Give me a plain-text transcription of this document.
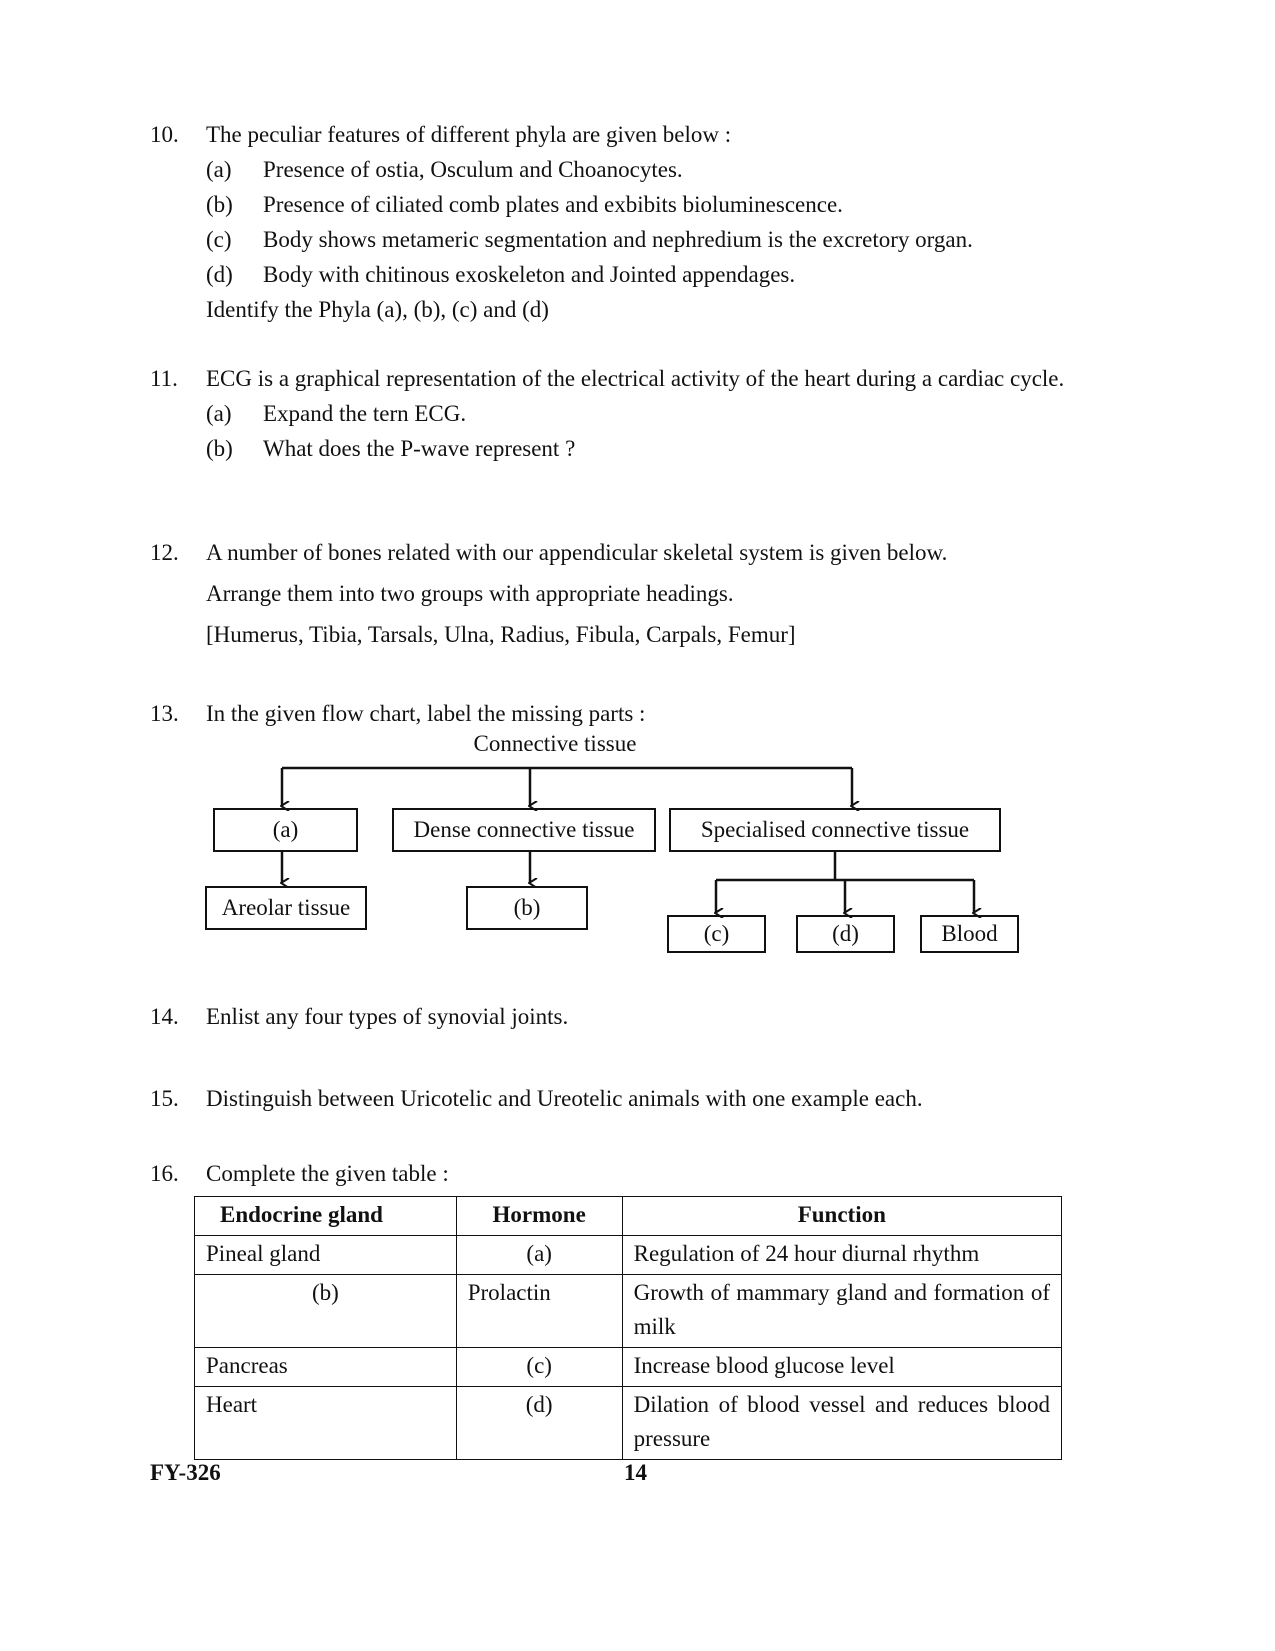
10. The peculiar features of different phyla are given below :
(a) Presence of ostia, Osculum and Choanocytes.
(b) Presence of ciliated comb plates and exbibits bioluminescence.
(c) Body shows metameric segmentation and nephredium is the excretory organ.
(d) Body with chitinous exoskeleton and Jointed appendages.
Identify the Phyla (a), (b), (c) and (d)
11. ECG is a graphical representation of the electrical activity of the heart during a cardiac cycle.
(a) Expand the tern ECG.
(b) What does the P-wave represent ?
12. A number of bones related with our appendicular skeletal system is given below.
Arrange them into two groups with appropriate headings.
[Humerus, Tibia, Tarsals, Ulna, Radius, Fibula, Carpals, Femur]
13. In the given flow chart, label the missing parts :
Connective tissue
(a)	Dense connective tissue	Specialised connective tissue
Areolar tissue	(b)
(c)	(d)	Blood
14. Enlist any four types of synovial joints.
15. Distinguish between Uricotelic and Ureotelic animals with one example each.
16. Complete the given table :
Endocrine gland	Hormone	Function
Pineal gland	(a)	Regulation of 24 hour diurnal rhythm
(b)	Prolactin	Growth of mammary gland and formation of milk
Pancreas	(c)	Increase blood glucose level
Heart	(d)	Dilation of blood vessel and reduces blood pressure
FY-326	14
